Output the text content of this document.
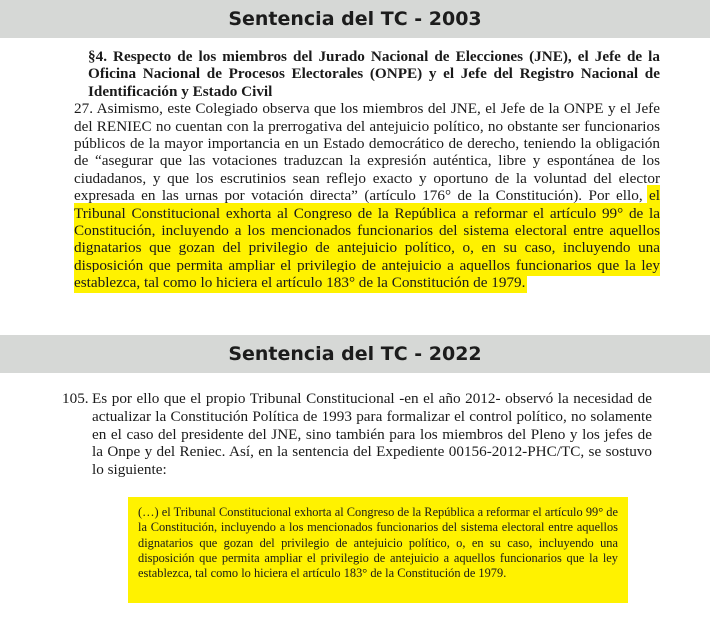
Sentencia del TC - 2003

§4. Respecto de los miembros del Jurado Nacional de Elecciones (JNE), el Jefe de la Oficina Nacional de Procesos Electorales (ONPE) y el Jefe del Registro Nacional de Identificación y Estado Civil

27. Asimismo, este Colegiado observa que los miembros del JNE, el Jefe de la ONPE y el Jefe del RENIEC no cuentan con la prerrogativa del antejuicio político, no obstante ser funcionarios públicos de la mayor importancia en un Estado democrático de derecho, teniendo la obligación de “asegurar que las votaciones traduzcan la expresión auténtica, libre y espontánea de los ciudadanos, y que los escrutinios sean reflejo exacto y oportuno de la voluntad del elector expresada en las urnas por votación directa” (artículo 176° de la Constitución). Por ello, el Tribunal Constitucional exhorta al Congreso de la República a reformar el artículo 99° de la Constitución, incluyendo a los mencionados funcionarios del sistema electoral entre aquellos dignatarios que gozan del privilegio de antejuicio político, o, en su caso, incluyendo una disposición que permita ampliar el privilegio de antejuicio a aquellos funcionarios que la ley establezca, tal como lo hiciera el artículo 183° de la Constitución de 1979.

Sentencia del TC - 2022
105. Es por ello que el propio Tribunal Constitucional -en el año 2012- observó la necesidad de actualizar la Constitución Política de 1993 para formalizar el control político, no solamente en el caso del presidente del JNE, sino también para los miembros del Pleno y los jefes de la Onpe y del Reniec. Así, en la sentencia del Expediente 00156-2012-PHC/TC, se sostuvo lo siguiente:

(…) el Tribunal Constitucional exhorta al Congreso de la República a reformar el artículo 99° de la Constitución, incluyendo a los mencionados funcionarios del sistema electoral entre aquellos dignatarios que gozan del privilegio de antejuicio político, o, en su caso, incluyendo una disposición que permita ampliar el privilegio de antejuicio a aquellos funcionarios que la ley establezca, tal como lo hiciera el artículo 183° de la Constitución de 1979.
